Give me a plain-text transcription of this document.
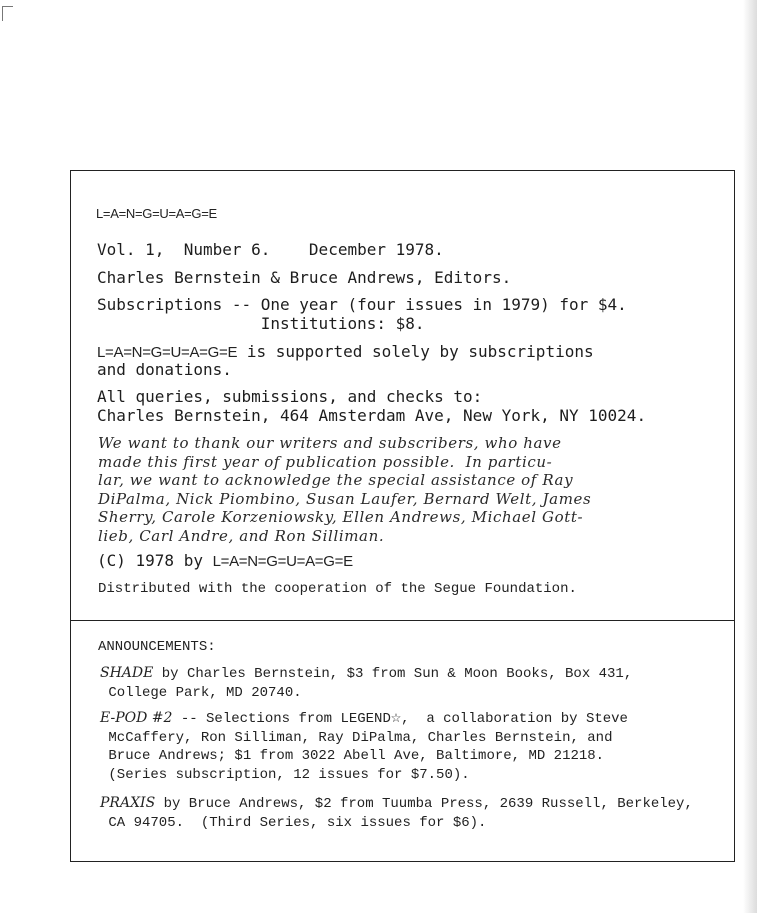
L=A=N=G=U=A=G=E
Vol. 1,  Number 6.    December 1978.
Charles Bernstein & Bruce Andrews, Editors.
Subscriptions -- One year (four issues in 1979) for $4.
Institutions: $8.
L=A=N=G=U=A=G=E is supported solely by subscriptions
and donations.
All queries, submissions, and checks to:
Charles Bernstein, 464 Amsterdam Ave, New York, NY 10024.
We want to thank our writers and subscribers, who have
made this first year of publication possible.  In particu-
lar, we want to acknowledge the special assistance of Ray
DiPalma, Nick Piombino, Susan Laufer, Bernard Welt, James
Sherry, Carole Korzeniowsky, Ellen Andrews, Michael Gott-
lieb, Carl Andre, and Ron Silliman.
(C) 1978 by L=A=N=G=U=A=G=E
Distributed with the cooperation of the Segue Foundation.
ANNOUNCEMENTS:
SHADE by Charles Bernstein, $3 from Sun & Moon Books, Box 431,
College Park, MD 20740.
E-POD #2 -- Selections from LEGEND☆,  a collaboration by Steve
McCaffery, Ron Silliman, Ray DiPalma, Charles Bernstein, and
Bruce Andrews; $1 from 3022 Abell Ave, Baltimore, MD 21218.
(Series subscription, 12 issues for $7.50).
PRAXIS by Bruce Andrews, $2 from Tuumba Press, 2639 Russell, Berkeley,
CA 94705.  (Third Series, six issues for $6).
